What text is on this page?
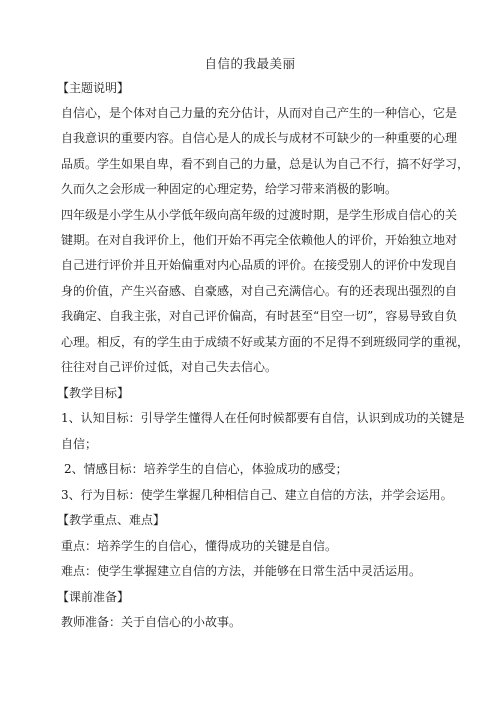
自信的我最美丽
【主题说明】
自信心，是个体对自己力量的充分估计，从而对自己产生的一种信心，它是
自我意识的重要内容。自信心是人的成长与成材不可缺少的一种重要的心理
品质。学生如果自卑，看不到自己的力量，总是认为自己不行，搞不好学习，
久而久之会形成一种固定的心理定势，给学习带来消极的影响。
四年级是小学生从小学低年级向高年级的过渡时期，是学生形成自信心的关
键期。在对自我评价上，他们开始不再完全依赖他人的评价，开始独立地对
自己进行评价并且开始偏重对内心品质的评价。在接受别人的评价中发现自
身的价值，产生兴奋感、自豪感，对自己充满信心。有的还表现出强烈的自
我确定、自我主张，对自己评价偏高，有时甚至“目空一切”，容易导致自负
心理。相反，有的学生由于成绩不好或某方面的不足得不到班级同学的重视，
往往对自己评价过低，对自己失去信心。
【教学目标】
1、认知目标：引导学生懂得人在任何时候都要有自信，认识到成功的关键是
自信；
2、情感目标：培养学生的自信心，体验成功的感受；
3、行为目标：使学生掌握几种相信自己、建立自信的方法，并学会运用。
【教学重点、难点】
重点：培养学生的自信心，懂得成功的关键是自信。
难点：使学生掌握建立自信的方法，并能够在日常生活中灵活运用。
【课前准备】
教师准备：关于自信心的小故事。
